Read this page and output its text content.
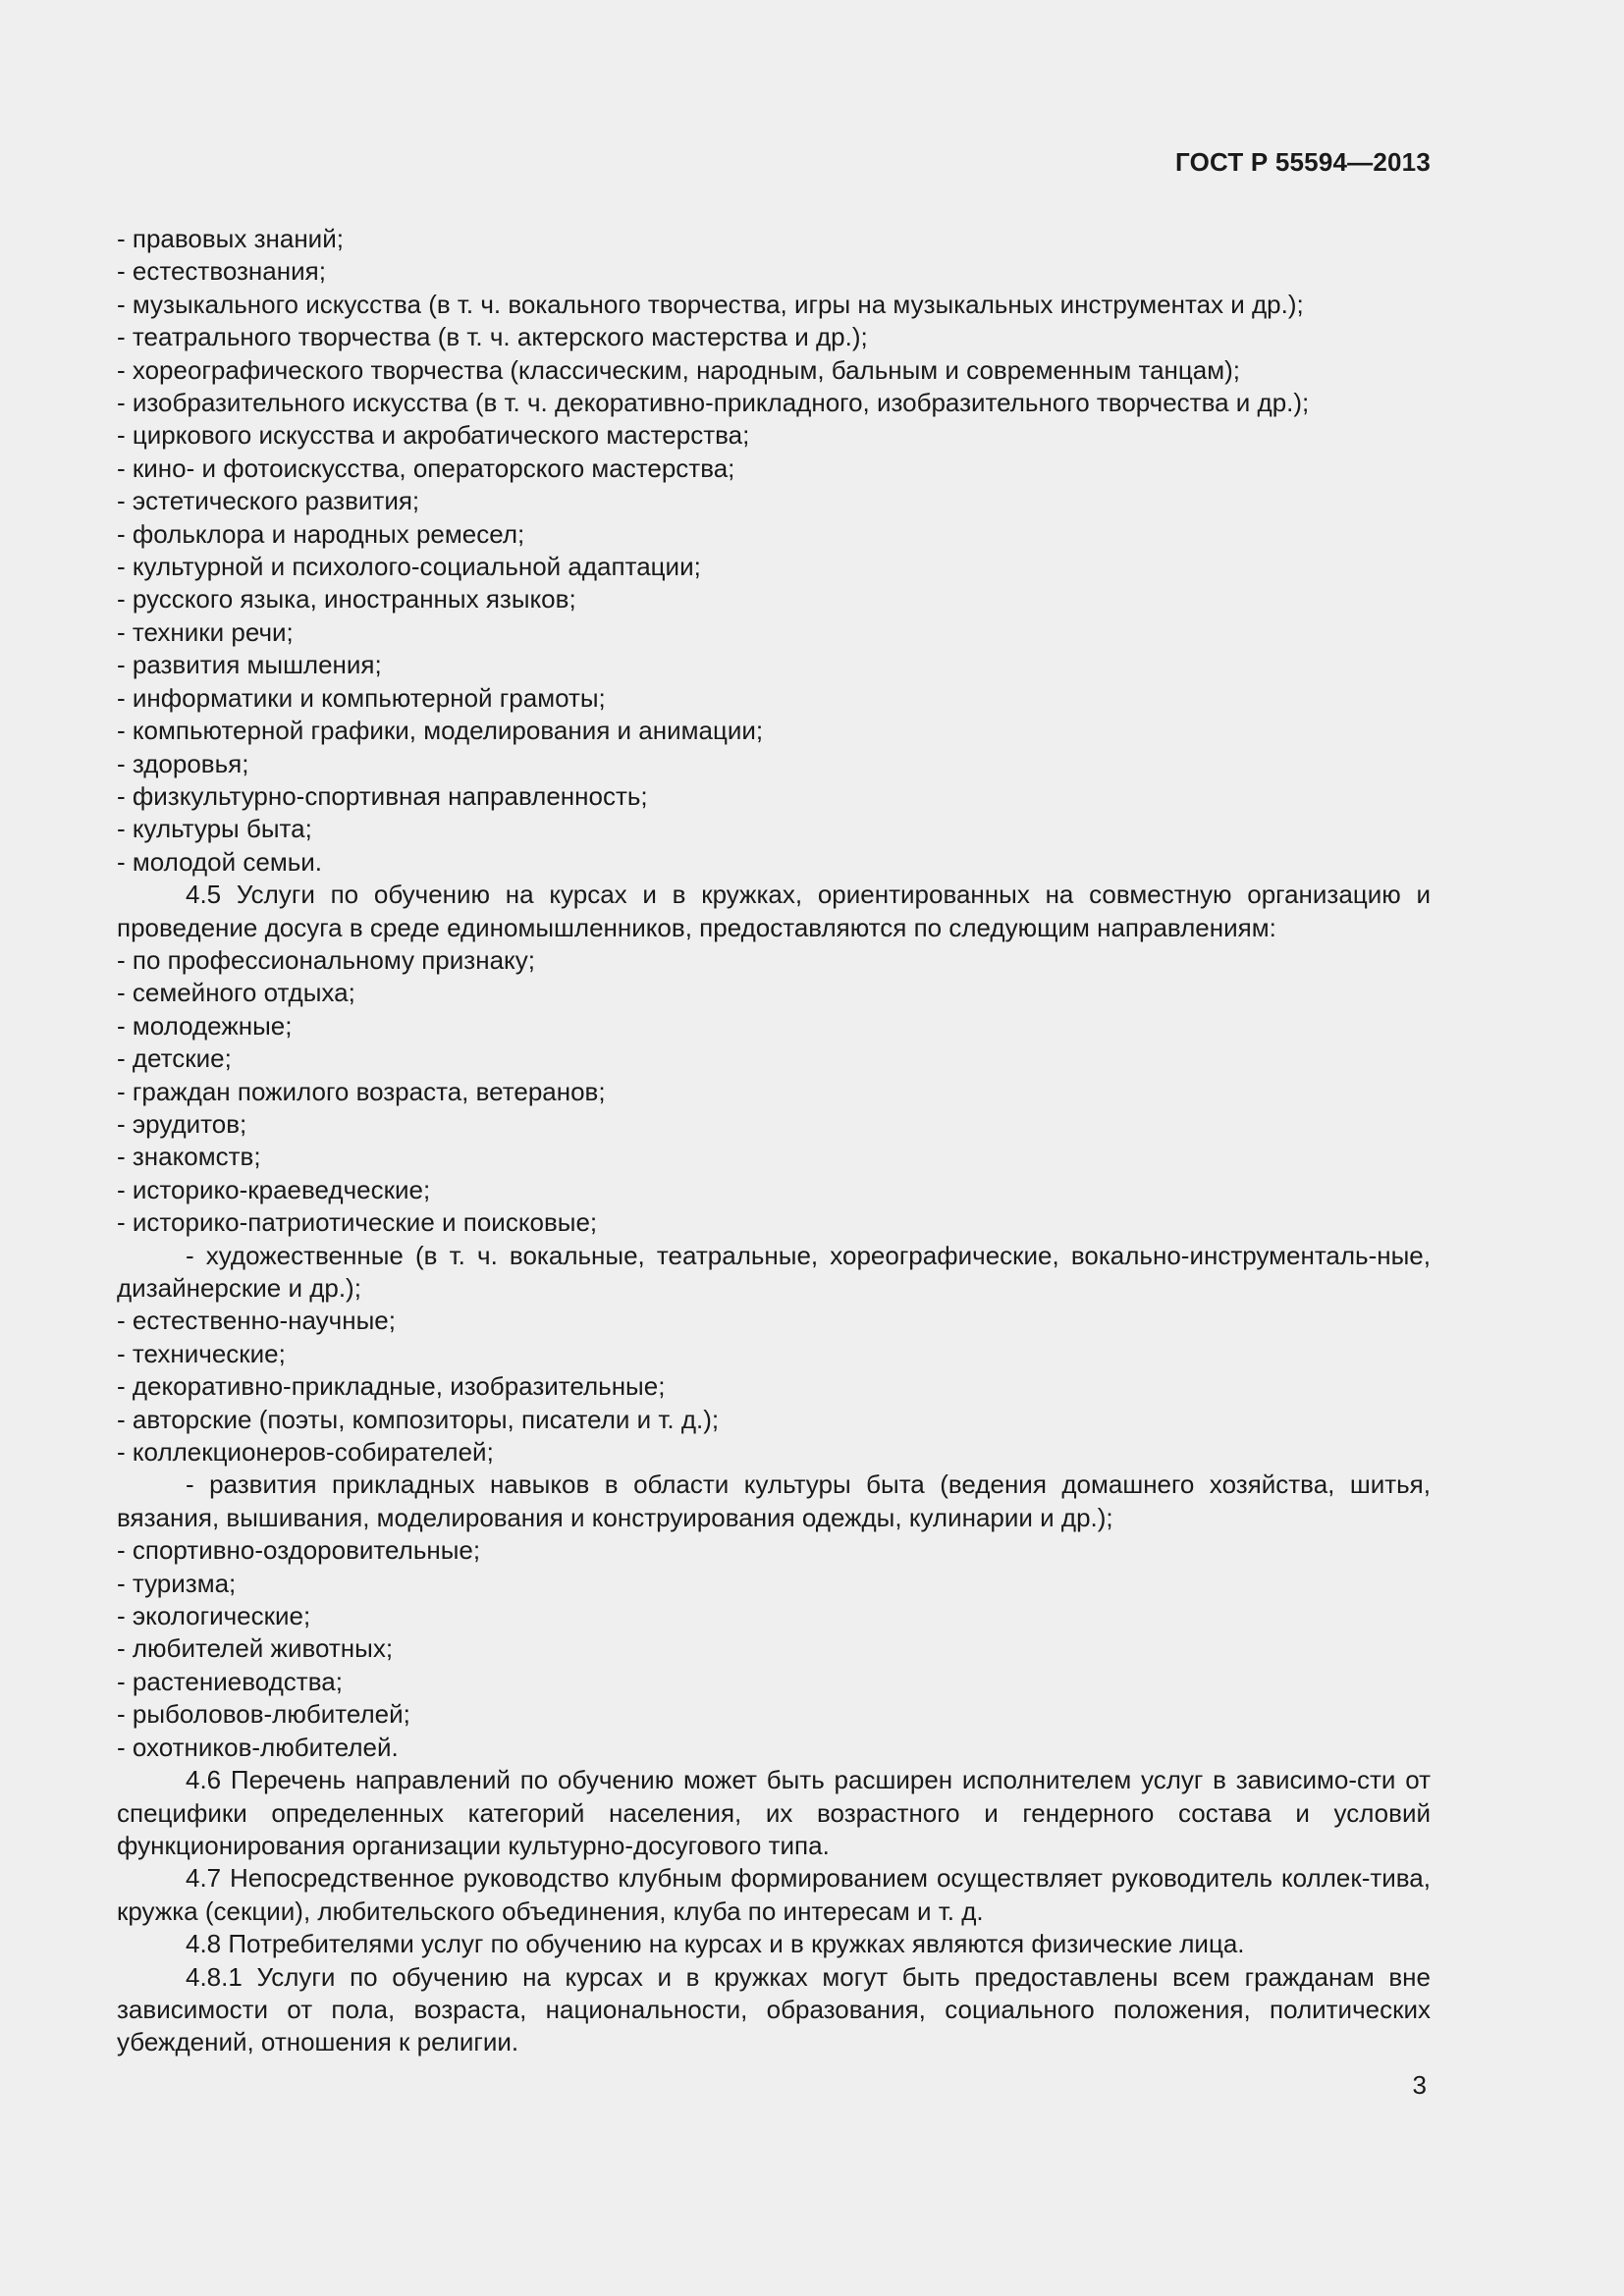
ГОСТ Р 55594—2013

- правовых знаний;

- естествознания;

- музыкального искусства (в т. ч. вокального творчества, игры на музыкальных инструментах и др.);

- театрального творчества (в т. ч. актерского мастерства и др.);

- хореографического творчества (классическим, народным, бальным и современным танцам);

- изобразительного искусства (в т. ч. декоративно-прикладного, изобразительного творчества и др.);

- циркового искусства и акробатического мастерства;

- кино- и фотоискусства, операторского мастерства;

- эстетического развития;

- фольклора и народных ремесел;

- культурной и психолого-социальной адаптации;

- русского языка, иностранных языков;

- техники речи;

- развития мышления;

- информатики и компьютерной грамоты;

- компьютерной графики, моделирования и анимации;

- здоровья;

- физкультурно-спортивная направленность;

- культуры быта;

- молодой семьи.

4.5 Услуги по обучению на курсах и в кружках, ориентированных на совместную организацию и проведение досуга в среде единомышленников, предоставляются по следующим направлениям:

- по профессиональному признаку;

- семейного отдыха;

- молодежные;

- детские;

- граждан пожилого возраста, ветеранов;

- эрудитов;

- знакомств;

- историко-краеведческие;

- историко-патриотические и поисковые;

- художественные (в т. ч. вокальные, театральные, хореографические, вокально-инструменталь-ные, дизайнерские и др.);

- естественно-научные;

- технические;

- декоративно-прикладные, изобразительные;

- авторские (поэты, композиторы, писатели и т. д.);

- коллекционеров-собирателей;

- развития прикладных навыков в области культуры быта (ведения домашнего хозяйства, шитья, вязания, вышивания, моделирования и конструирования одежды, кулинарии и др.);

- спортивно-оздоровительные;

- туризма;

- экологические;

- любителей животных;

- растениеводства;

- рыболовов-любителей;

- охотников-любителей.

4.6 Перечень направлений по обучению может быть расширен исполнителем услуг в зависимо-сти от специфики определенных категорий населения, их возрастного и гендерного состава и условий функционирования организации культурно-досугового типа.

4.7 Непосредственное руководство клубным формированием осуществляет руководитель коллек-тива, кружка (секции), любительского объединения, клуба по интересам и т. д.

4.8 Потребителями услуг по обучению на курсах и в кружках являются физические лица.

4.8.1 Услуги по обучению на курсах и в кружках могут быть предоставлены всем гражданам вне зависимости от пола, возраста, национальности, образования, социального положения, политических убеждений, отношения к религии.

3
